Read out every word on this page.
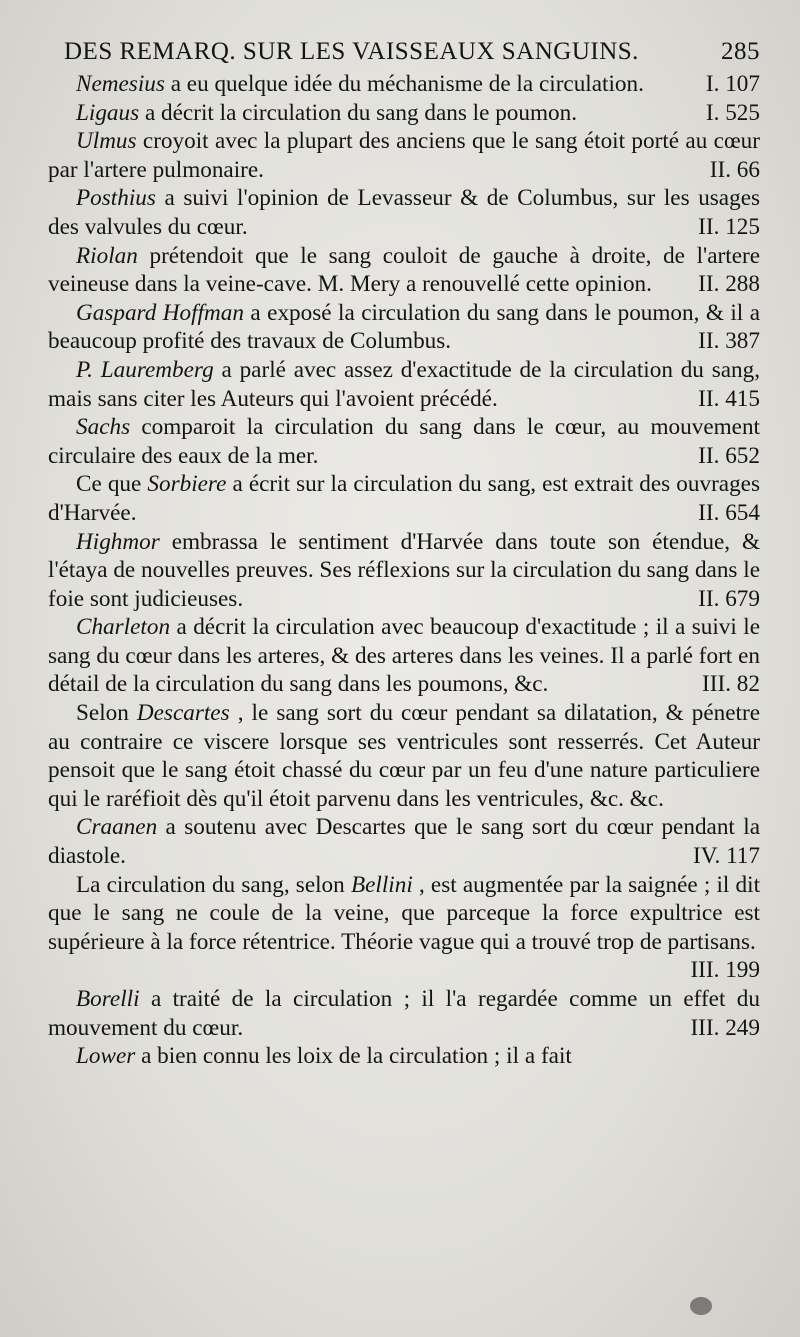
DES REMARQ. SUR LES VAISSEAUX SANGUINS.	285

Nemesius a eu quelque idée du méchanisme de la circulation.	I. 107

Ligaus a décrit la circulation du sang dans le poumon.	I. 525

Ulmus croyoit avec la plupart des anciens que le sang étoit porté au cœur par l'artere pulmonaire.	II. 66

Posthius a suivi l'opinion de Levasseur & de Columbus, sur les usages des valvules du cœur.	II. 125

Riolan prétendoit que le sang couloit de gauche à droite, de l'artere veineuse dans la veine-cave. M. Mery a renouvellé cette opinion.	II. 288

Gaspard Hoffman a exposé la circulation du sang dans le poumon, & il a beaucoup profité des travaux de Columbus.	II. 387

P. Lauremberg a parlé avec assez d'exactitude de la circulation du sang, mais sans citer les Auteurs qui l'avoient précédé.	II. 415

Sachs comparoit la circulation du sang dans le cœur, au mouvement circulaire des eaux de la mer.	II. 652

Ce que Sorbiere a écrit sur la circulation du sang, est extrait des ouvrages d'Harvée.	II. 654

Highmor embrassa le sentiment d'Harvée dans toute son étendue, & l'étaya de nouvelles preuves. Ses réflexions sur la circulation du sang dans le foie sont judicieuses.	II. 679

Charleton a décrit la circulation avec beaucoup d'exactitude ; il a suivi le sang du cœur dans les arteres, & des arteres dans les veines. Il a parlé fort en détail de la circulation du sang dans les poumons, &c.	III. 82

Selon Descartes , le sang sort du cœur pendant sa dilatation, & pénetre au contraire ce viscere lorsque ses ventricules sont resserrés. Cet Auteur pensoit que le sang étoit chassé du cœur par un feu d'une nature particuliere qui le raréfioit dès qu'il étoit parvenu dans les ventricules, &c. &c.

Craanen a soutenu avec Descartes que le sang sort du cœur pendant la diastole.	IV. 117

La circulation du sang, selon Bellini , est augmentée par la saignée ; il dit que le sang ne coule de la veine, que parceque la force expultrice est supérieure à la force rétentrice. Théorie vague qui a trouvé trop de partisans.
III. 199

Borelli a traité de la circulation ; il l'a regardée comme un effet du mouvement du cœur.	III. 249

Lower a bien connu les loix de la circulation ; il a fait
